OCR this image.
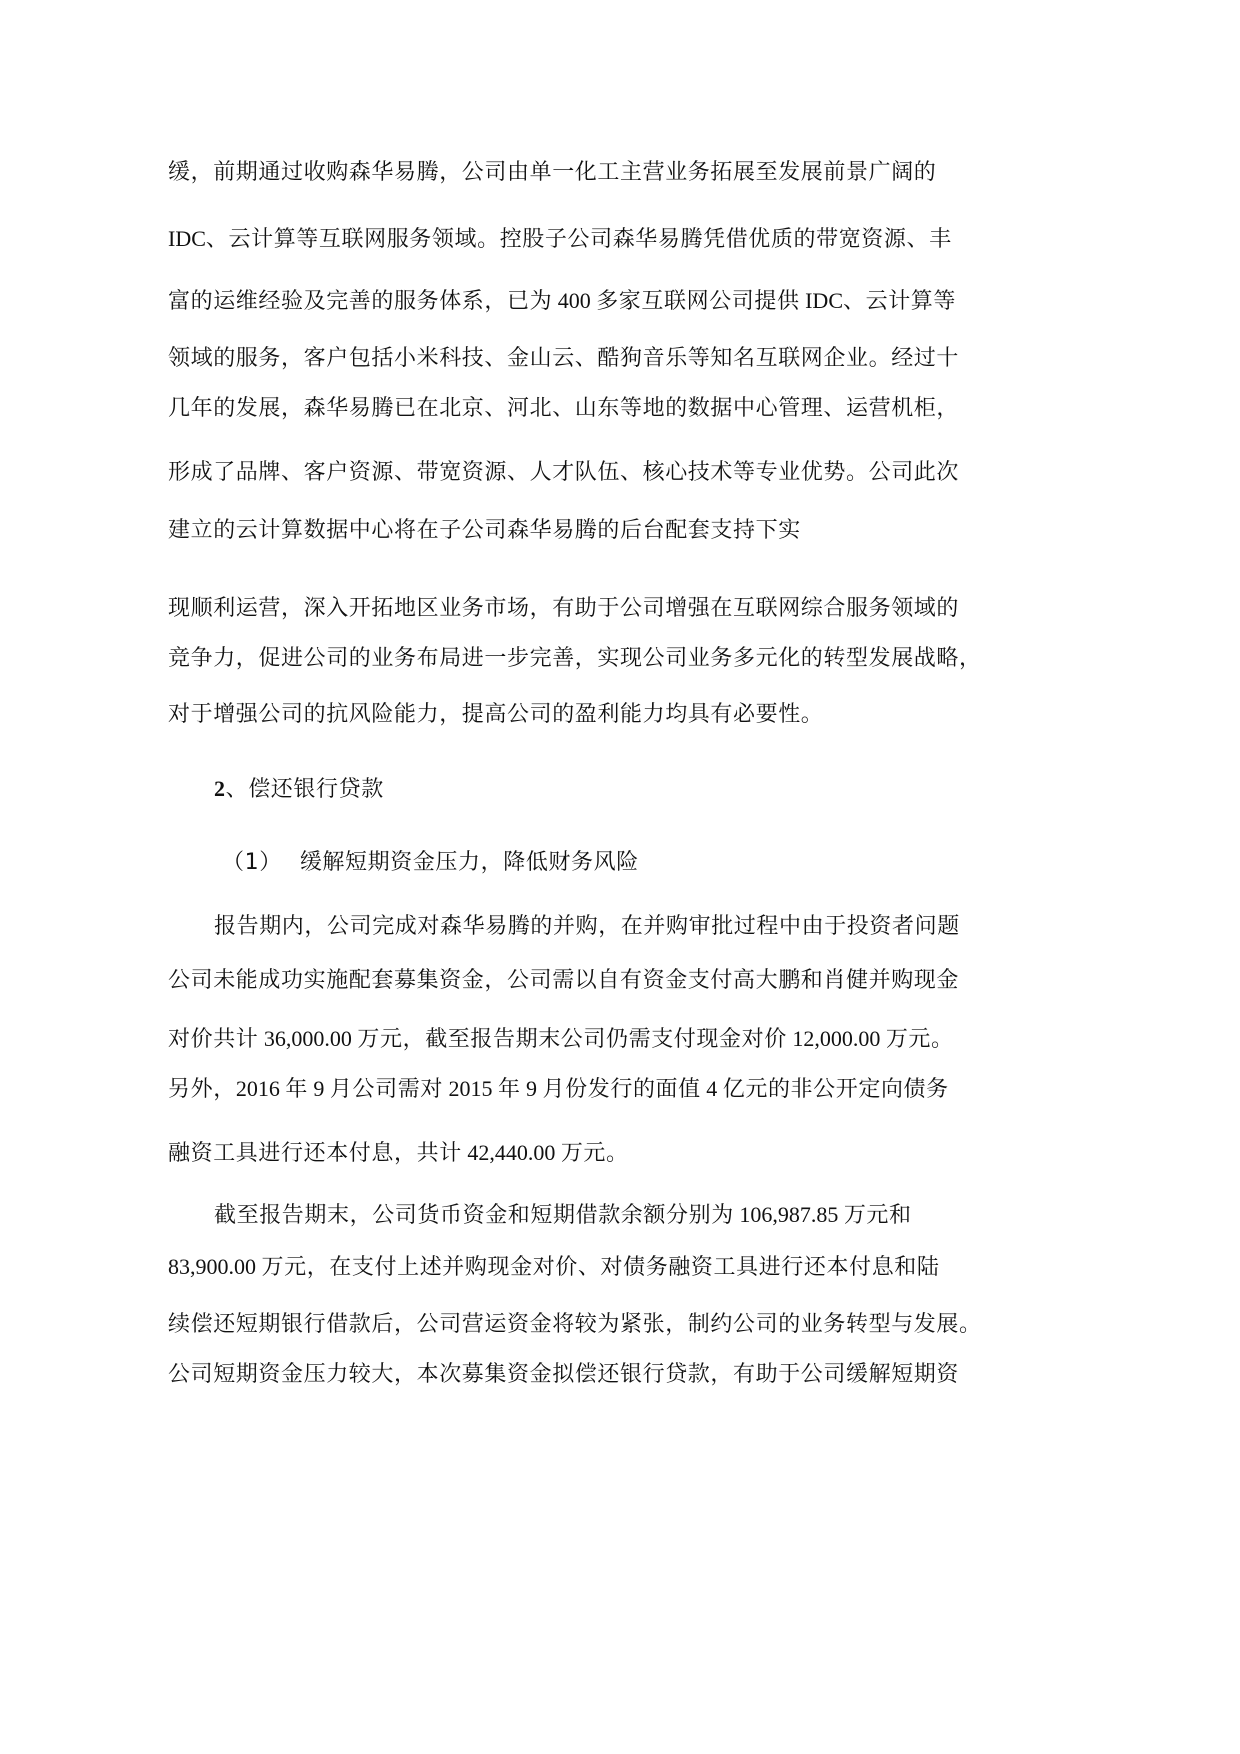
缓，前期通过收购森华易腾，公司由单一化工主营业务拓展至发展前景广阔的
IDC、云计算等互联网服务领域。控股子公司森华易腾凭借优质的带宽资源、丰
富的运维经验及完善的服务体系，已为 400 多家互联网公司提供 IDC、云计算等
领域的服务，客户包括小米科技、金山云、酷狗音乐等知名互联网企业。经过十
几年的发展，森华易腾已在北京、河北、山东等地的数据中心管理、运营机柜，
形成了品牌、客户资源、带宽资源、人才队伍、核心技术等专业优势。公司此次
建立的云计算数据中心将在子公司森华易腾的后台配套支持下实
现顺利运营，深入开拓地区业务市场，有助于公司增强在互联网综合服务领域的
竞争力，促进公司的业务布局进一步完善，实现公司业务多元化的转型发展战略，
对于增强公司的抗风险能力，提高公司的盈利能力均具有必要性。
2、偿还银行贷款
（1） 缓解短期资金压力，降低财务风险
报告期内，公司完成对森华易腾的并购，在并购审批过程中由于投资者问题
公司未能成功实施配套募集资金，公司需以自有资金支付高大鹏和肖健并购现金
对价共计 36,000.00 万元，截至报告期末公司仍需支付现金对价 12,000.00 万元。
另外，2016 年 9 月公司需对 2015 年 9 月份发行的面值 4 亿元的非公开定向债务
融资工具进行还本付息，共计 42,440.00 万元。
截至报告期末，公司货币资金和短期借款余额分别为 106,987.85 万元和
83,900.00 万元，在支付上述并购现金对价、对债务融资工具进行还本付息和陆
续偿还短期银行借款后，公司营运资金将较为紧张，制约公司的业务转型与发展。
公司短期资金压力较大，本次募集资金拟偿还银行贷款，有助于公司缓解短期资
